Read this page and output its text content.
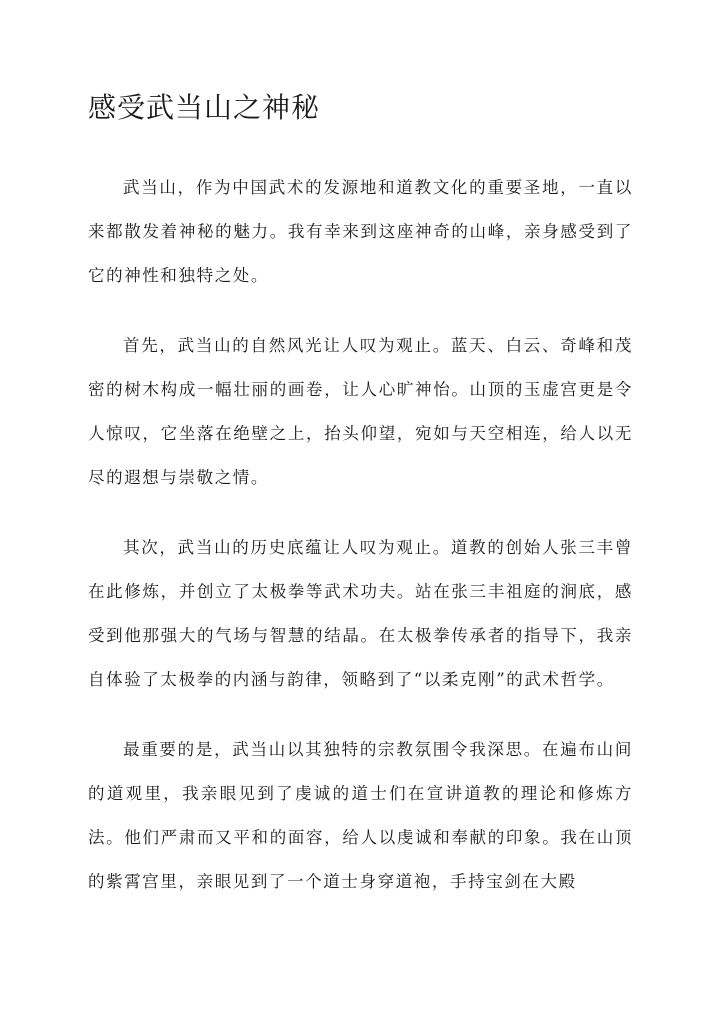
感受武当山之神秘

武当山，作为中国武术的发源地和道教文化的重要圣地，一直以来都散发着神秘的魅力。我有幸来到这座神奇的山峰，亲身感受到了它的神性和独特之处。

首先，武当山的自然风光让人叹为观止。蓝天、白云、奇峰和茂密的树木构成一幅壮丽的画卷，让人心旷神怡。山顶的玉虚宫更是令人惊叹，它坐落在绝壁之上，抬头仰望，宛如与天空相连，给人以无尽的遐想与崇敬之情。

其次，武当山的历史底蕴让人叹为观止。道教的创始人张三丰曾在此修炼，并创立了太极拳等武术功夫。站在张三丰祖庭的涧底，感受到他那强大的气场与智慧的结晶。在太极拳传承者的指导下，我亲自体验了太极拳的内涵与韵律，领略到了“以柔克刚”的武术哲学。

最重要的是，武当山以其独特的宗教氛围令我深思。在遍布山间的道观里，我亲眼见到了虔诚的道士们在宣讲道教的理论和修炼方法。他们严肃而又平和的面容，给人以虔诚和奉献的印象。我在山顶的紫霄宫里，亲眼见到了一个道士身穿道袍，手持宝剑在大殿
